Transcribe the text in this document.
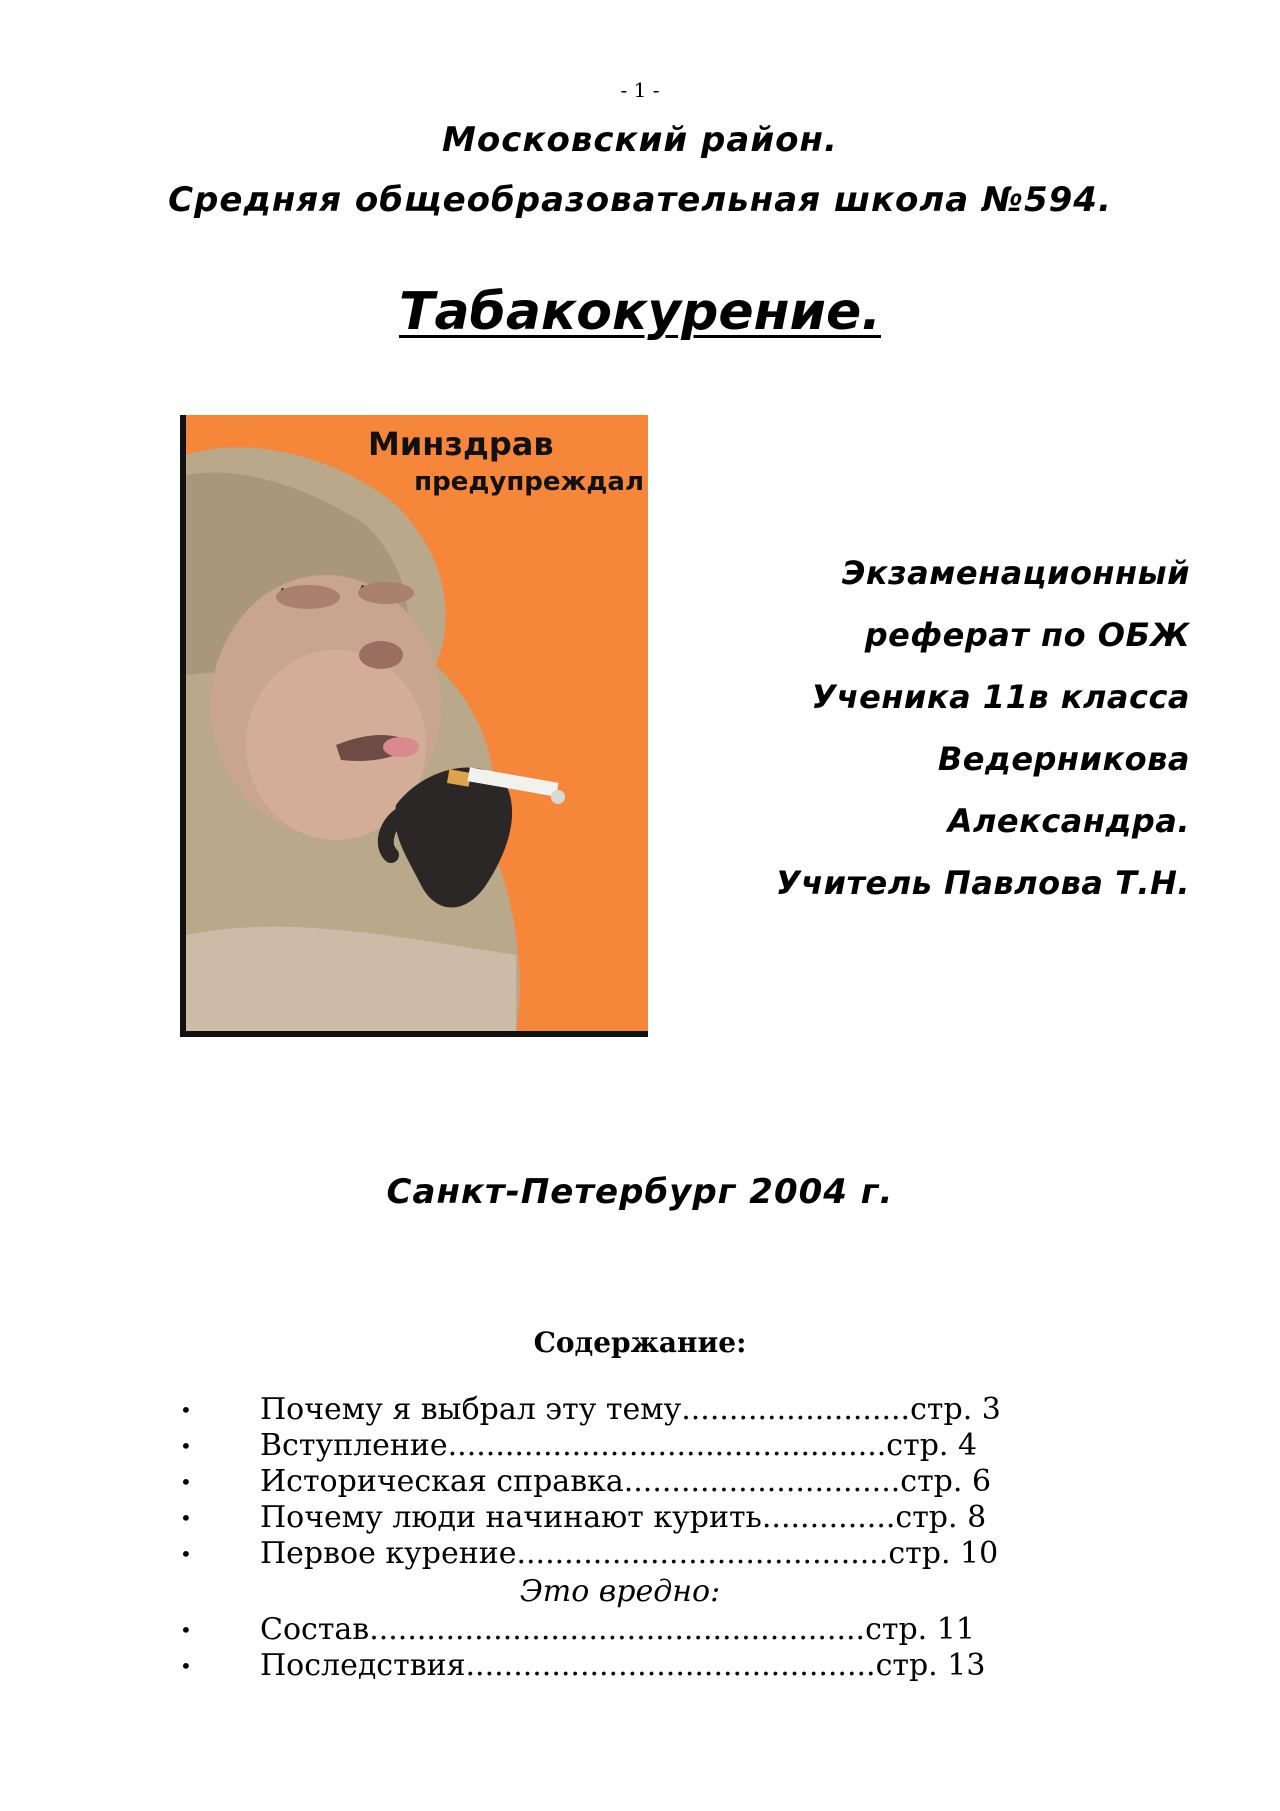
- 1 -
Московский район.
Средняя общеобразовательная школа №594.
Табакокурение.
Минздрав
предупреждал
Экзаменационный
реферат по ОБЖ
Ученика 11в класса
Ведерникова
Александра.
Учитель Павлова Т.Н.
Санкт-Петербург 2004 г.
Содержание:
• Почему я выбрал эту тему........................стр. 3
• Вступление..............................................стр. 4
• Историческая справка.............................стр. 6
• Почему люди начинают курить..............стр. 8
• Первое курение.......................................стр. 10
Это вредно:
• Состав....................................................стр. 11
• Последствия...........................................стр. 13
